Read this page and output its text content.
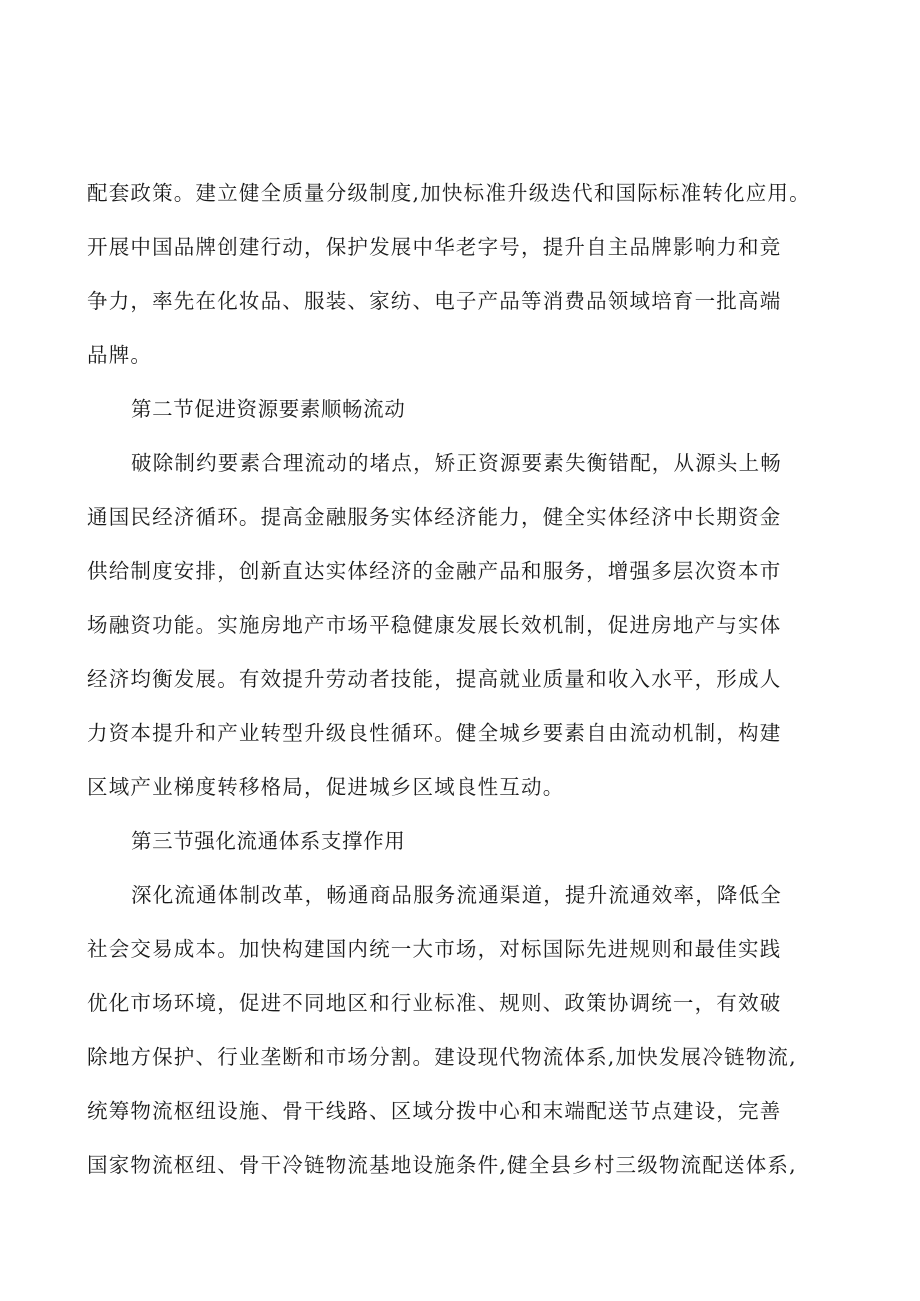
配套政策。建立健全质量分级制度,加快标准升级迭代和国际标准转化应用。
开展中国品牌创建行动，保护发展中华老字号，提升自主品牌影响力和竞
争力，率先在化妆品、服装、家纺、电子产品等消费品领域培育一批高端
品牌。

第二节促进资源要素顺畅流动

破除制约要素合理流动的堵点，矫正资源要素失衡错配，从源头上畅
通国民经济循环。提高金融服务实体经济能力，健全实体经济中长期资金
供给制度安排，创新直达实体经济的金融产品和服务，增强多层次资本市
场融资功能。实施房地产市场平稳健康发展长效机制，促进房地产与实体
经济均衡发展。有效提升劳动者技能，提高就业质量和收入水平，形成人
力资本提升和产业转型升级良性循环。健全城乡要素自由流动机制，构建
区域产业梯度转移格局，促进城乡区域良性互动。

第三节强化流通体系支撑作用

深化流通体制改革，畅通商品服务流通渠道，提升流通效率，降低全
社会交易成本。加快构建国内统一大市场，对标国际先进规则和最佳实践
优化市场环境，促进不同地区和行业标准、规则、政策协调统一，有效破
除地方保护、行业垄断和市场分割。建设现代物流体系,加快发展冷链物流,
统筹物流枢纽设施、骨干线路、区域分拨中心和末端配送节点建设，完善
国家物流枢纽、骨干冷链物流基地设施条件,健全县乡村三级物流配送体系,
